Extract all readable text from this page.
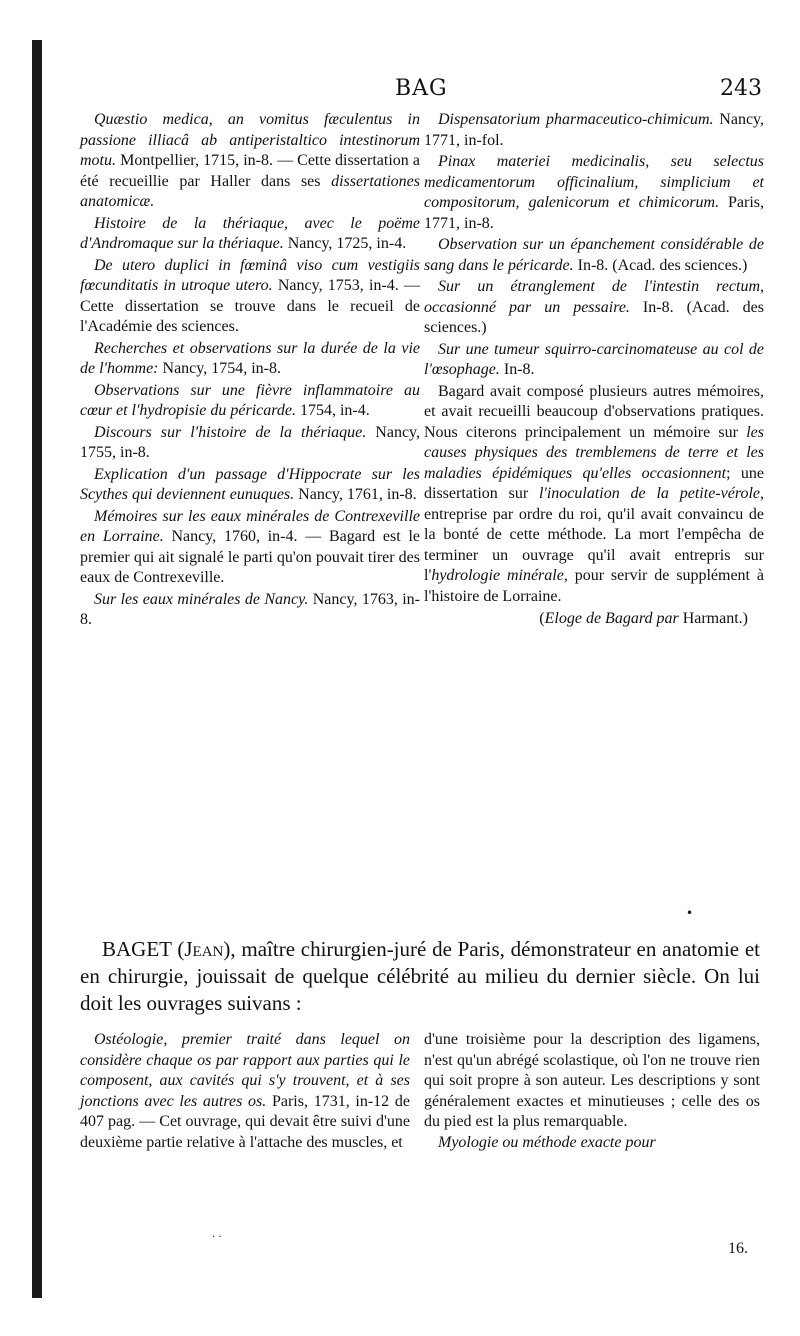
BAG	243

Quæstio medica, an vomitus fæculentus in passione illiacâ ab antiperistaltico intestinorum motu. Montpellier, 1715, in-8. — Cette dissertation a été recueillie par Haller dans ses dissertationes anatomicæ.

Histoire de la thériaque, avec le poëme d'Andromaque sur la thériaque. Nancy, 1725, in-4.

De utero duplici in fœminâ viso cum vestigiis fœcunditatis in utroque utero. Nancy, 1753, in-4. — Cette dissertation se trouve dans le recueil de l'Académie des sciences.

Recherches et observations sur la durée de la vie de l'homme: Nancy, 1754, in-8.

Observations sur une fièvre inflammatoire au cœur et l'hydropisie du péricarde. 1754, in-4.

Discours sur l'histoire de la thériaque. Nancy, 1755, in-8.

Explication d'un passage d'Hippocrate sur les Scythes qui deviennent eunuques. Nancy, 1761, in-8.

Mémoires sur les eaux minérales de Contrexeville en Lorraine. Nancy, 1760, in-4. — Bagard est le premier qui ait signalé le parti qu'on pouvait tirer des eaux de Contrexeville.

Sur les eaux minérales de Nancy. Nancy, 1763, in-8.

Dispensatorium pharmaceutico-chimicum. Nancy, 1771, in-fol.

Pinax materiei medicinalis, seu selectus medicamentorum officinalium, simplicium et compositorum, galenicorum et chimicorum. Paris, 1771, in-8.

Observation sur un épanchement considérable de sang dans le péricarde. In-8. (Acad. des sciences.)

Sur un étranglement de l'intestin rectum, occasionné par un pessaire. In-8. (Acad. des sciences.)

Sur une tumeur squirro-carcinomateuse au col de l'œsophage. In-8.

Bagard avait composé plusieurs autres mémoires, et avait recueilli beaucoup d'observations pratiques. Nous citerons principalement un mémoire sur les causes physiques des tremblemens de terre et les maladies épidémiques qu'elles occasionnent; une dissertation sur l'inoculation de la petite-vérole, entreprise par ordre du roi, qu'il avait convaincu de la bonté de cette méthode. La mort l'empêcha de terminer un ouvrage qu'il avait entrepris sur l'hydrologie minérale, pour servir de supplément à l'histoire de Lorraine.

(Eloge de Bagard par Harmant.)

•
BAGET (Jean), maître chirurgien-juré de Paris, démonstrateur en anatomie et en chirurgie, jouissait de quelque célébrité au milieu du dernier siècle. On lui doit les ouvrages suivans :

Ostéologie, premier traité dans lequel on considère chaque os par rapport aux parties qui le composent, aux cavités qui s'y trouvent, et à ses jonctions avec les autres os. Paris, 1731, in-12 de 407 pag. — Cet ouvrage, qui devait être suivi d'une deuxième partie relative à l'attache des muscles, et

d'une troisième pour la description des ligamens, n'est qu'un abrégé scolastique, où l'on ne trouve rien qui soit propre à son auteur. Les descriptions y sont généralement exactes et minutieuses ; celle des os du pied est la plus remarquable.

Myologie ou méthode exacte pour

· ·
16.
